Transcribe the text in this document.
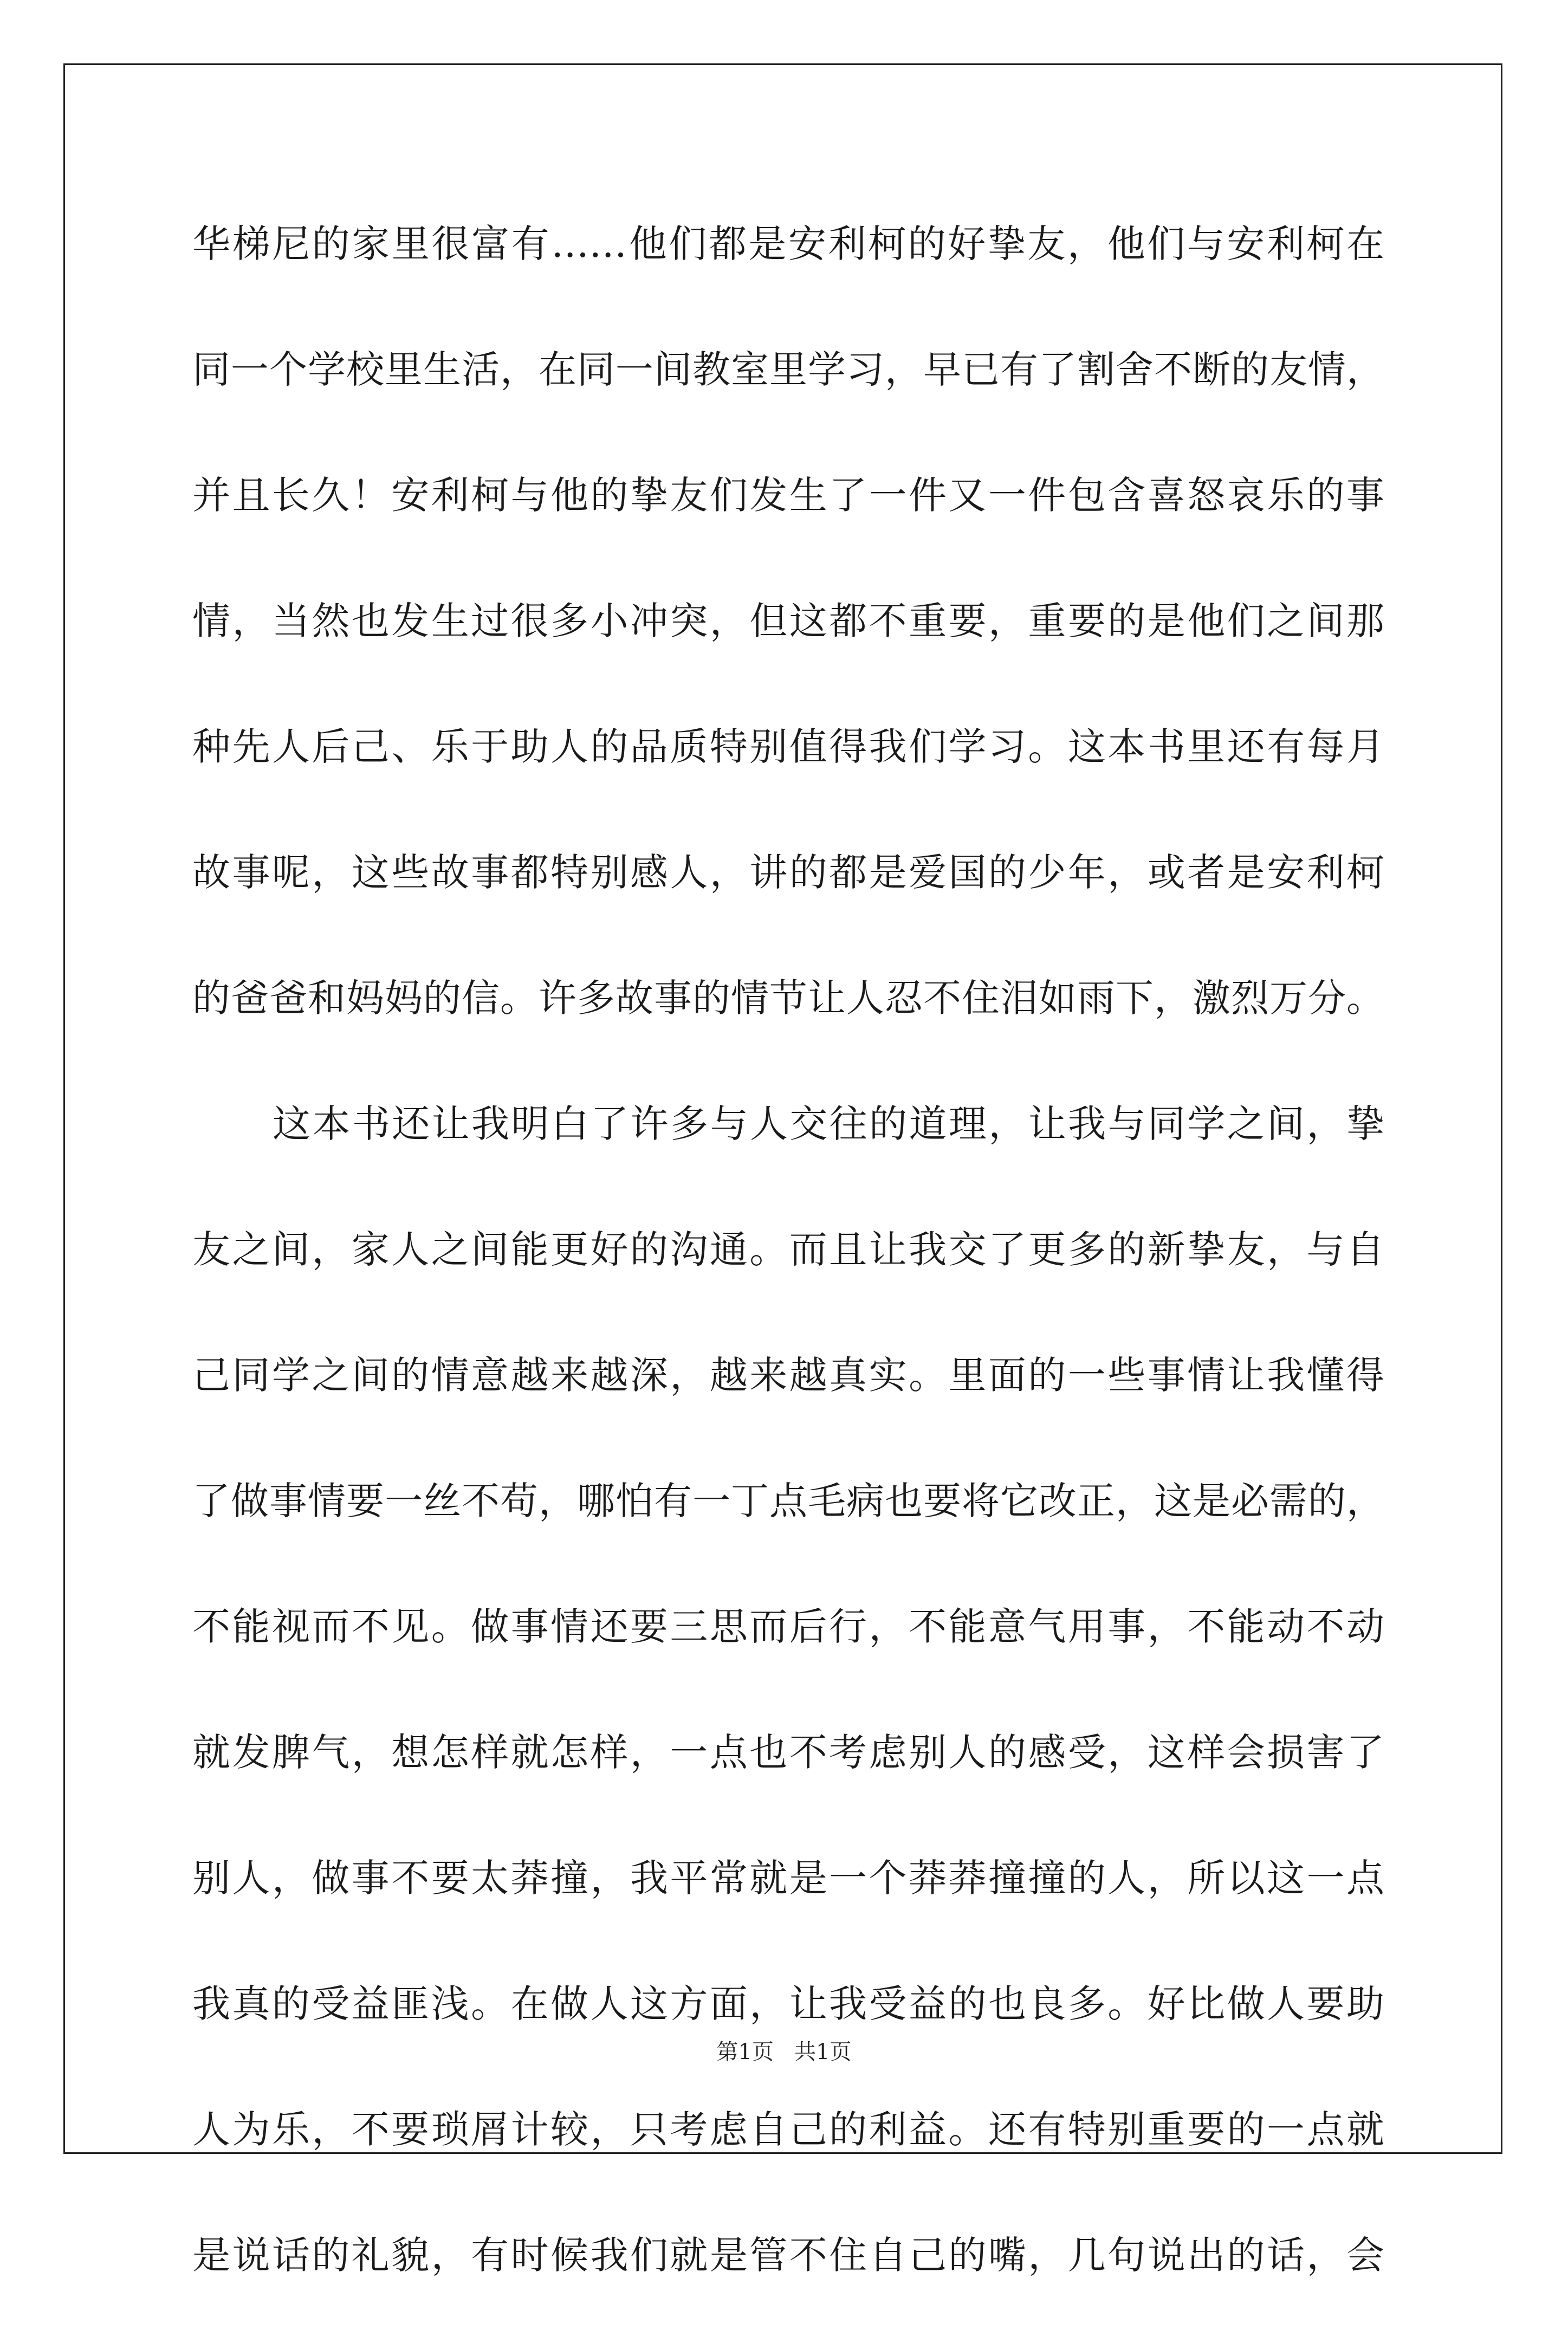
华梯尼的家里很富有……他们都是安利柯的好挚友，他们与安利柯在
同一个学校里生活，在同一间教室里学习，早已有了割舍不断的友情，
并且长久！安利柯与他的挚友们发生了一件又一件包含喜怒哀乐的事
情，当然也发生过很多小冲突，但这都不重要，重要的是他们之间那
种先人后己、乐于助人的品质特别值得我们学习。这本书里还有每月
故事呢，这些故事都特别感人，讲的都是爱国的少年，或者是安利柯
的爸爸和妈妈的信。许多故事的情节让人忍不住泪如雨下，激烈万分。
这本书还让我明白了许多与人交往的道理，让我与同学之间，挚
友之间，家人之间能更好的沟通。而且让我交了更多的新挚友，与自
己同学之间的情意越来越深，越来越真实。里面的一些事情让我懂得
了做事情要一丝不苟，哪怕有一丁点毛病也要将它改正，这是必需的，
不能视而不见。做事情还要三思而后行，不能意气用事，不能动不动
就发脾气，想怎样就怎样，一点也不考虑别人的感受，这样会损害了
别人，做事不要太莽撞，我平常就是一个莽莽撞撞的人，所以这一点
我真的受益匪浅。在做人这方面，让我受益的也良多。好比做人要助
人为乐，不要琐屑计较，只考虑自己的利益。还有特别重要的一点就
是说话的礼貌，有时候我们就是管不住自己的嘴，几句说出的话，会
第1页 共1页
